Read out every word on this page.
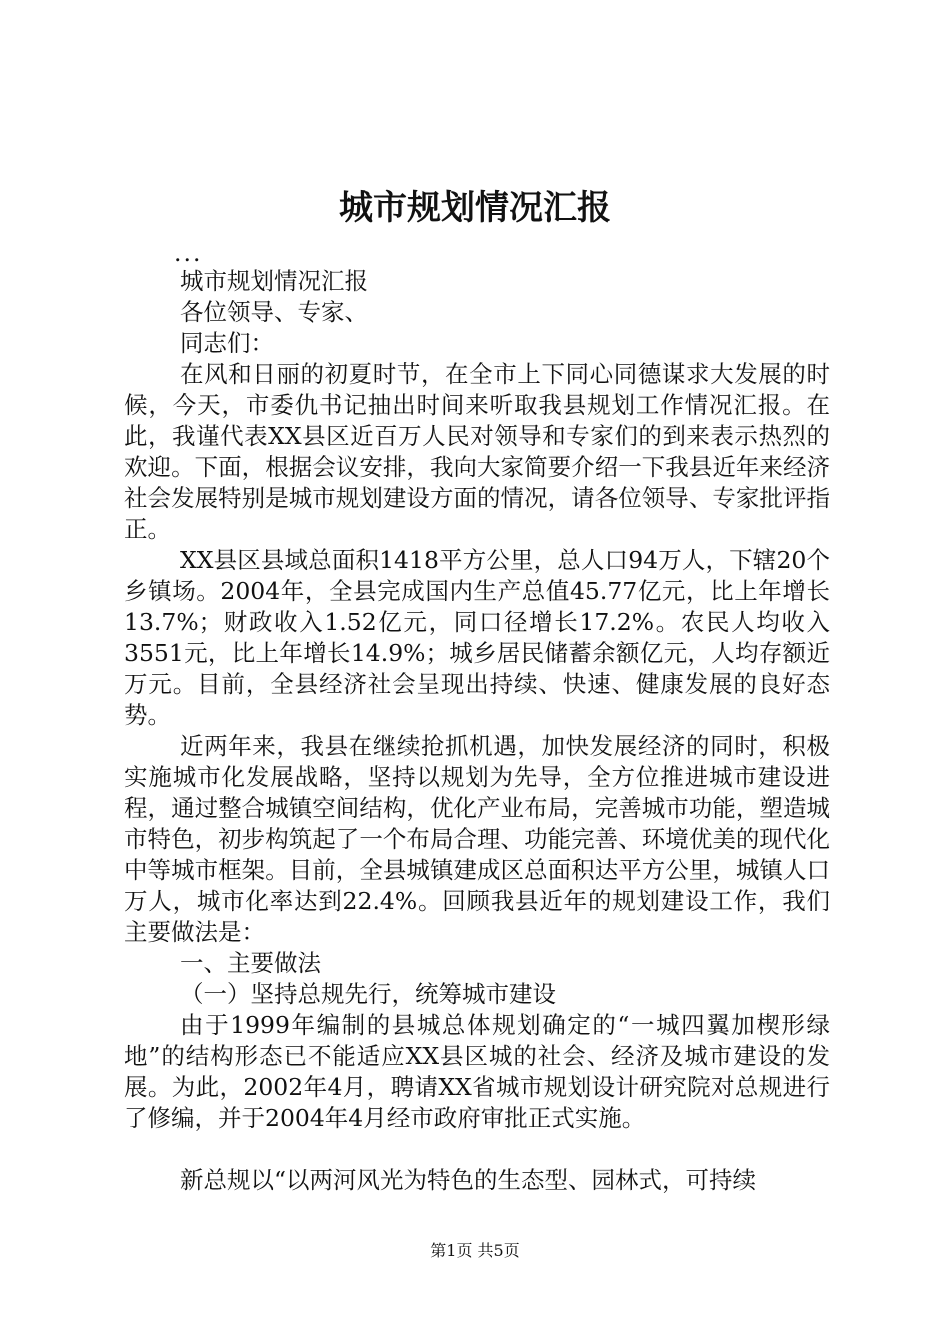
城市规划情况汇报

...

城市规划情况汇报

各位领导、专家、

同志们：

在风和日丽的初夏时节，在全市上下同心同德谋求大发展的时候，今天，市委仇书记抽出时间来听取我县规划工作情况汇报。在此，我谨代表XX县区近百万人民对领导和专家们的到来表示热烈的欢迎。下面，根据会议安排，我向大家简要介绍一下我县近年来经济社会发展特别是城市规划建设方面的情况，请各位领导、专家批评指正。

XX县区县域总面积1418平方公里，总人口94万人，下辖20个乡镇场。2004年，全县完成国内生产总值45.77亿元，比上年增长13.7%；财政收入1.52亿元，同口径增长17.2%。农民人均收入3551元，比上年增长14.9%；城乡居民储蓄余额亿元，人均存额近万元。目前，全县经济社会呈现出持续、快速、健康发展的良好态势。

近两年来，我县在继续抢抓机遇，加快发展经济的同时，积极实施城市化发展战略，坚持以规划为先导，全方位推进城市建设进程，通过整合城镇空间结构，优化产业布局，完善城市功能，塑造城市特色，初步构筑起了一个布局合理、功能完善、环境优美的现代化中等城市框架。目前，全县城镇建成区总面积达平方公里，城镇人口万人，城市化率达到22.4%。回顾我县近年的规划建设工作，我们主要做法是：

一、主要做法

（一）坚持总规先行，统筹城市建设

由于1999年编制的县城总体规划确定的“一城四翼加楔形绿地”的结构形态已不能适应XX县区城的社会、经济及城市建设的发展。为此，2002年4月，聘请XX省城市规划设计研究院对总规进行了修编，并于2004年4月经市政府审批正式实施。

新总规以“以两河风光为特色的生态型、园林式，可持续

第1页 共5页
